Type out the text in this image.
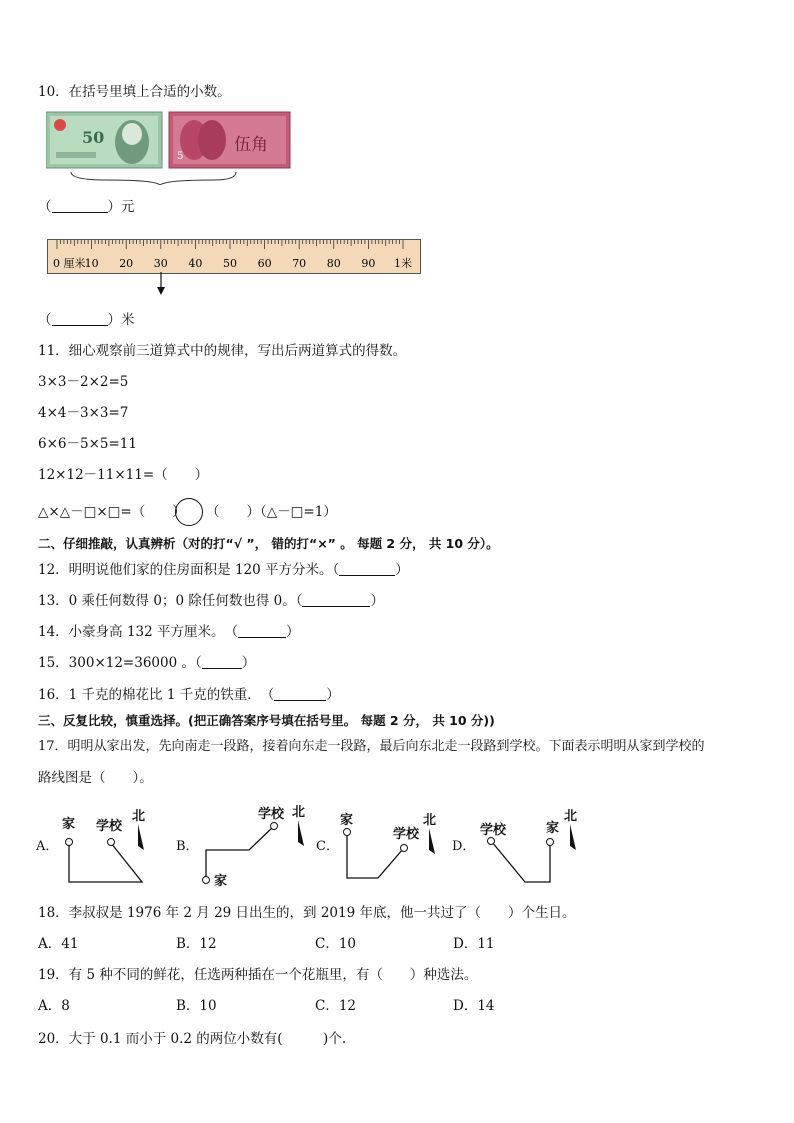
10．在括号里填上合适的小数。
50	伍角
5
（	）元
0 厘米 10 20 30 40 50 60 70 80 90 1米
（	）米
11．细心观察前三道算式中的规律，写出后两道算式的得数。
3×3－2×2=5
4×4－3×3=7
6×6－5×5=11
12×12－11×11=（　　）
△×△－□×□=（　　） （　　）（△－□=1）
二、仔细推敲，认真辨析（对的打“√ ”， 错的打“×” 。 每题 2 分， 共 10 分）。
12．明明说他们家的住房面积是 120 平方分米。（	）
13．0 乘任何数得 0；0 除任何数也得 0。（	）
14．小豪身高 132 平方厘米。　（	）
15．300×12=36000 。（	）
16．1 千克的棉花比 1 千克的铁重．　（	）
三、反复比较，慎重选择。(把正确答案序号填在括号里。 每题 2 分， 共 10 分))
17．明明从家出发，先向南走一段路，接着向东走一段路，最后向东北走一段路到学校。下面表示明明从家到学校的
路线图是（　　）。
A．
家 学校
北
B．
学校 北
家
C．
家
学校
北
D．
学校	家
北
18．李叔叔是 1976 年 2 月 29 日出生的，到 2019 年底，他一共过了（　　）个生日。
A．41	B．12	C．10	D．11
19．有 5 种不同的鲜花，任选两种插在一个花瓶里，有（　　）种选法。
A．8	B．10	C．12	D．14
20．大于 0.1 而小于 0.2 的两位小数有(　　　)个.
